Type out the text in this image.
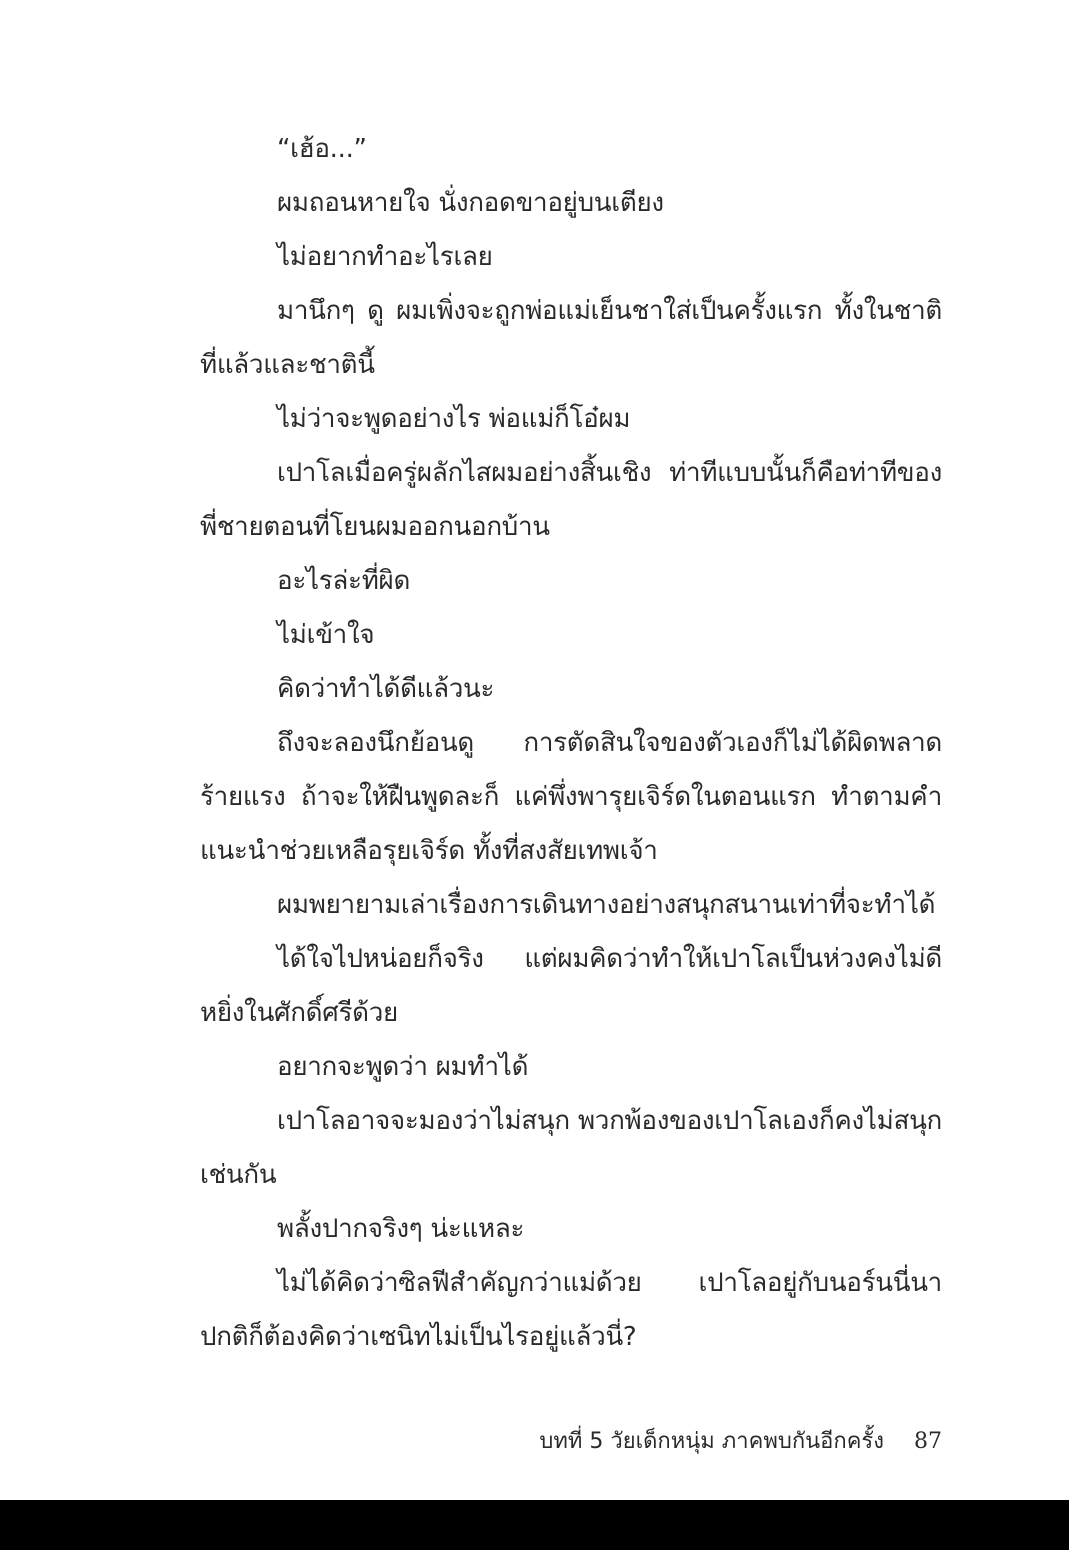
“เฮ้อ...”

ผมถอนหายใจ นั่งกอดขาอยู่บนเตียง

ไม่อยากทำอะไรเลย

มานึกๆ ดู ผมเพิ่งจะถูกพ่อแม่เย็นชาใส่เป็นครั้งแรก ทั้งในชาติที่แล้วและชาตินี้

ไม่ว่าจะพูดอย่างไร พ่อแม่ก็โอ๋ผม

เปาโลเมื่อครู่ผลักไสผมอย่างสิ้นเชิง ท่าทีแบบนั้นก็คือท่าทีของพี่ชายตอนที่โยนผมออกนอกบ้าน

อะไรล่ะที่ผิด

ไม่เข้าใจ

คิดว่าทำได้ดีแล้วนะ

ถึงจะลองนึกย้อนดู การตัดสินใจของตัวเองก็ไม่ได้ผิดพลาดร้ายแรง ถ้าจะให้ฝืนพูดละก็ แค่พึ่งพารุยเจิร์ดในตอนแรก ทำตามคำแนะนำช่วยเหลือรุยเจิร์ด ทั้งที่สงสัยเทพเจ้า

ผมพยายามเล่าเรื่องการเดินทางอย่างสนุกสนานเท่าที่จะทำได้

ได้ใจไปหน่อยก็จริง แต่ผมคิดว่าทำให้เปาโลเป็นห่วงคงไม่ดี หยิ่งในศักดิ์ศรีด้วย

อยากจะพูดว่า ผมทำได้

เปาโลอาจจะมองว่าไม่สนุก พวกพ้องของเปาโลเองก็คงไม่สนุกเช่นกัน

พลั้งปากจริงๆ น่ะแหละ

ไม่ได้คิดว่าซิลฟีสำคัญกว่าแม่ด้วย เปาโลอยู่กับนอร์นนี่นา ปกติก็ต้องคิดว่าเซนิทไม่เป็นไรอยู่แล้วนี่?

บทที่ 5 วัยเด็กหนุ่ม ภาคพบกันอีกครั้ง 87
